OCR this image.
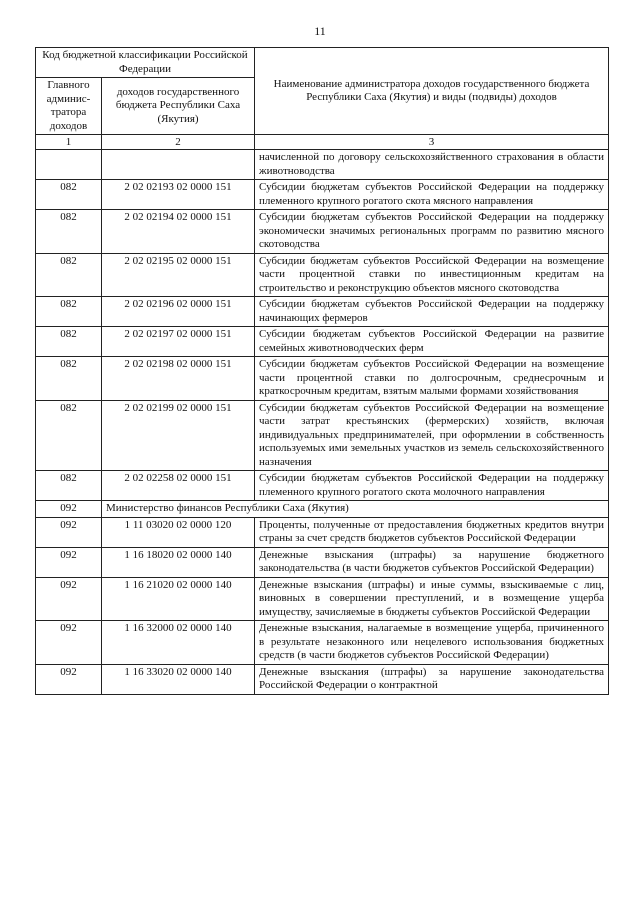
11
Код бюджетной классификации Российской Федерации		Наименование администратора доходов государственного бюджета Республики Саха (Якутия) и виды (подвиды) доходов
Главного админис-тратора доходов	доходов государственного бюджета Республики Саха (Якутия)	
1	2	3
		начисленной по договору сельскохозяйственного страхования в области животноводства
082	2 02 02193 02 0000 151	Субсидии бюджетам субъектов Российской Федерации на поддержку племенного крупного рогатого скота мясного направления
082	2 02 02194 02 0000 151	Субсидии бюджетам субъектов Российской Федерации на поддержку экономически значимых региональных программ по развитию мясного скотоводства
082	2 02 02195 02 0000 151	Субсидии бюджетам субъектов Российской Федерации на возмещение части процентной ставки по инвестиционным кредитам на строительство и реконструкцию объектов мясного скотоводства
082	2 02 02196 02 0000 151	Субсидии бюджетам субъектов Российской Федерации на поддержку начинающих фермеров
082	2 02 02197 02 0000 151	Субсидии бюджетам субъектов Российской Федерации на развитие семейных животноводческих ферм
082	2 02 02198 02 0000 151	Субсидии бюджетам субъектов Российской Федерации на возмещение части процентной ставки по долгосрочным, среднесрочным и краткосрочным кредитам, взятым малыми формами хозяйствования
082	2 02 02199 02 0000 151	Субсидии бюджетам субъектов Российской Федерации на возмещение части затрат крестьянских (фермерских) хозяйств, включая индивидуальных предпринимателей, при оформлении в собственность используемых ими земельных участков из земель сельскохозяйственного назначения
082	2 02 02258 02 0000 151	Субсидии бюджетам субъектов Российской Федерации на поддержку племенного крупного рогатого скота молочного направления
092	Министерство финансов Республики Саха (Якутия)	
092	1 11 03020 02 0000 120	Проценты, полученные от предоставления бюджетных кредитов внутри страны за счет средств бюджетов субъектов Российской Федерации
092	1 16 18020 02 0000 140	Денежные взыскания (штрафы) за нарушение бюджетного законодательства (в части бюджетов субъектов Российской Федерации)
092	1 16 21020 02 0000 140	Денежные взыскания (штрафы) и иные суммы, взыскиваемые с лиц, виновных в совершении преступлений, и в возмещение ущерба имуществу, зачисляемые в бюджеты субъектов Российской Федерации
092	1 16 32000 02 0000 140	Денежные взыскания, налагаемые в возмещение ущерба, причиненного в результате незаконного или нецелевого использования бюджетных средств (в части бюджетов субъектов Российской Федерации)
092	1 16 33020 02 0000 140	Денежные взыскания (штрафы) за нарушение законодательства Российской Федерации о контрактной
